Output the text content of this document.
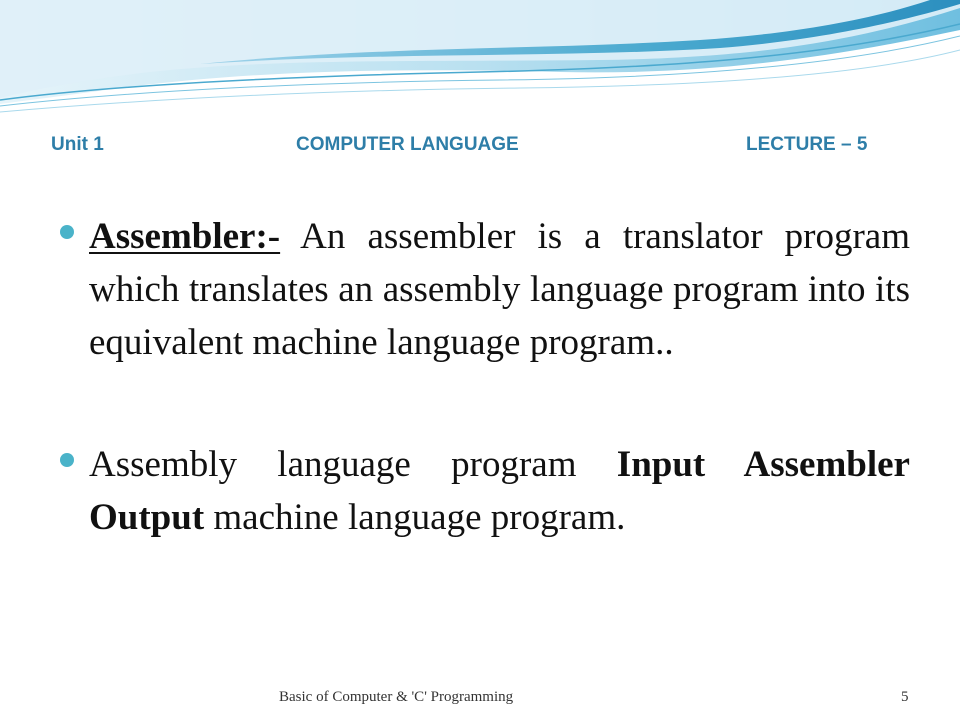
Unit 1	COMPUTER LANGUAGE	LECTURE – 5
Assembler:- An assembler is a translator program which translates an assembly language program into its equivalent machine language program..
Assembly language program Input Assembler Output machine language program.
Basic of Computer & 'C' Programming	5
